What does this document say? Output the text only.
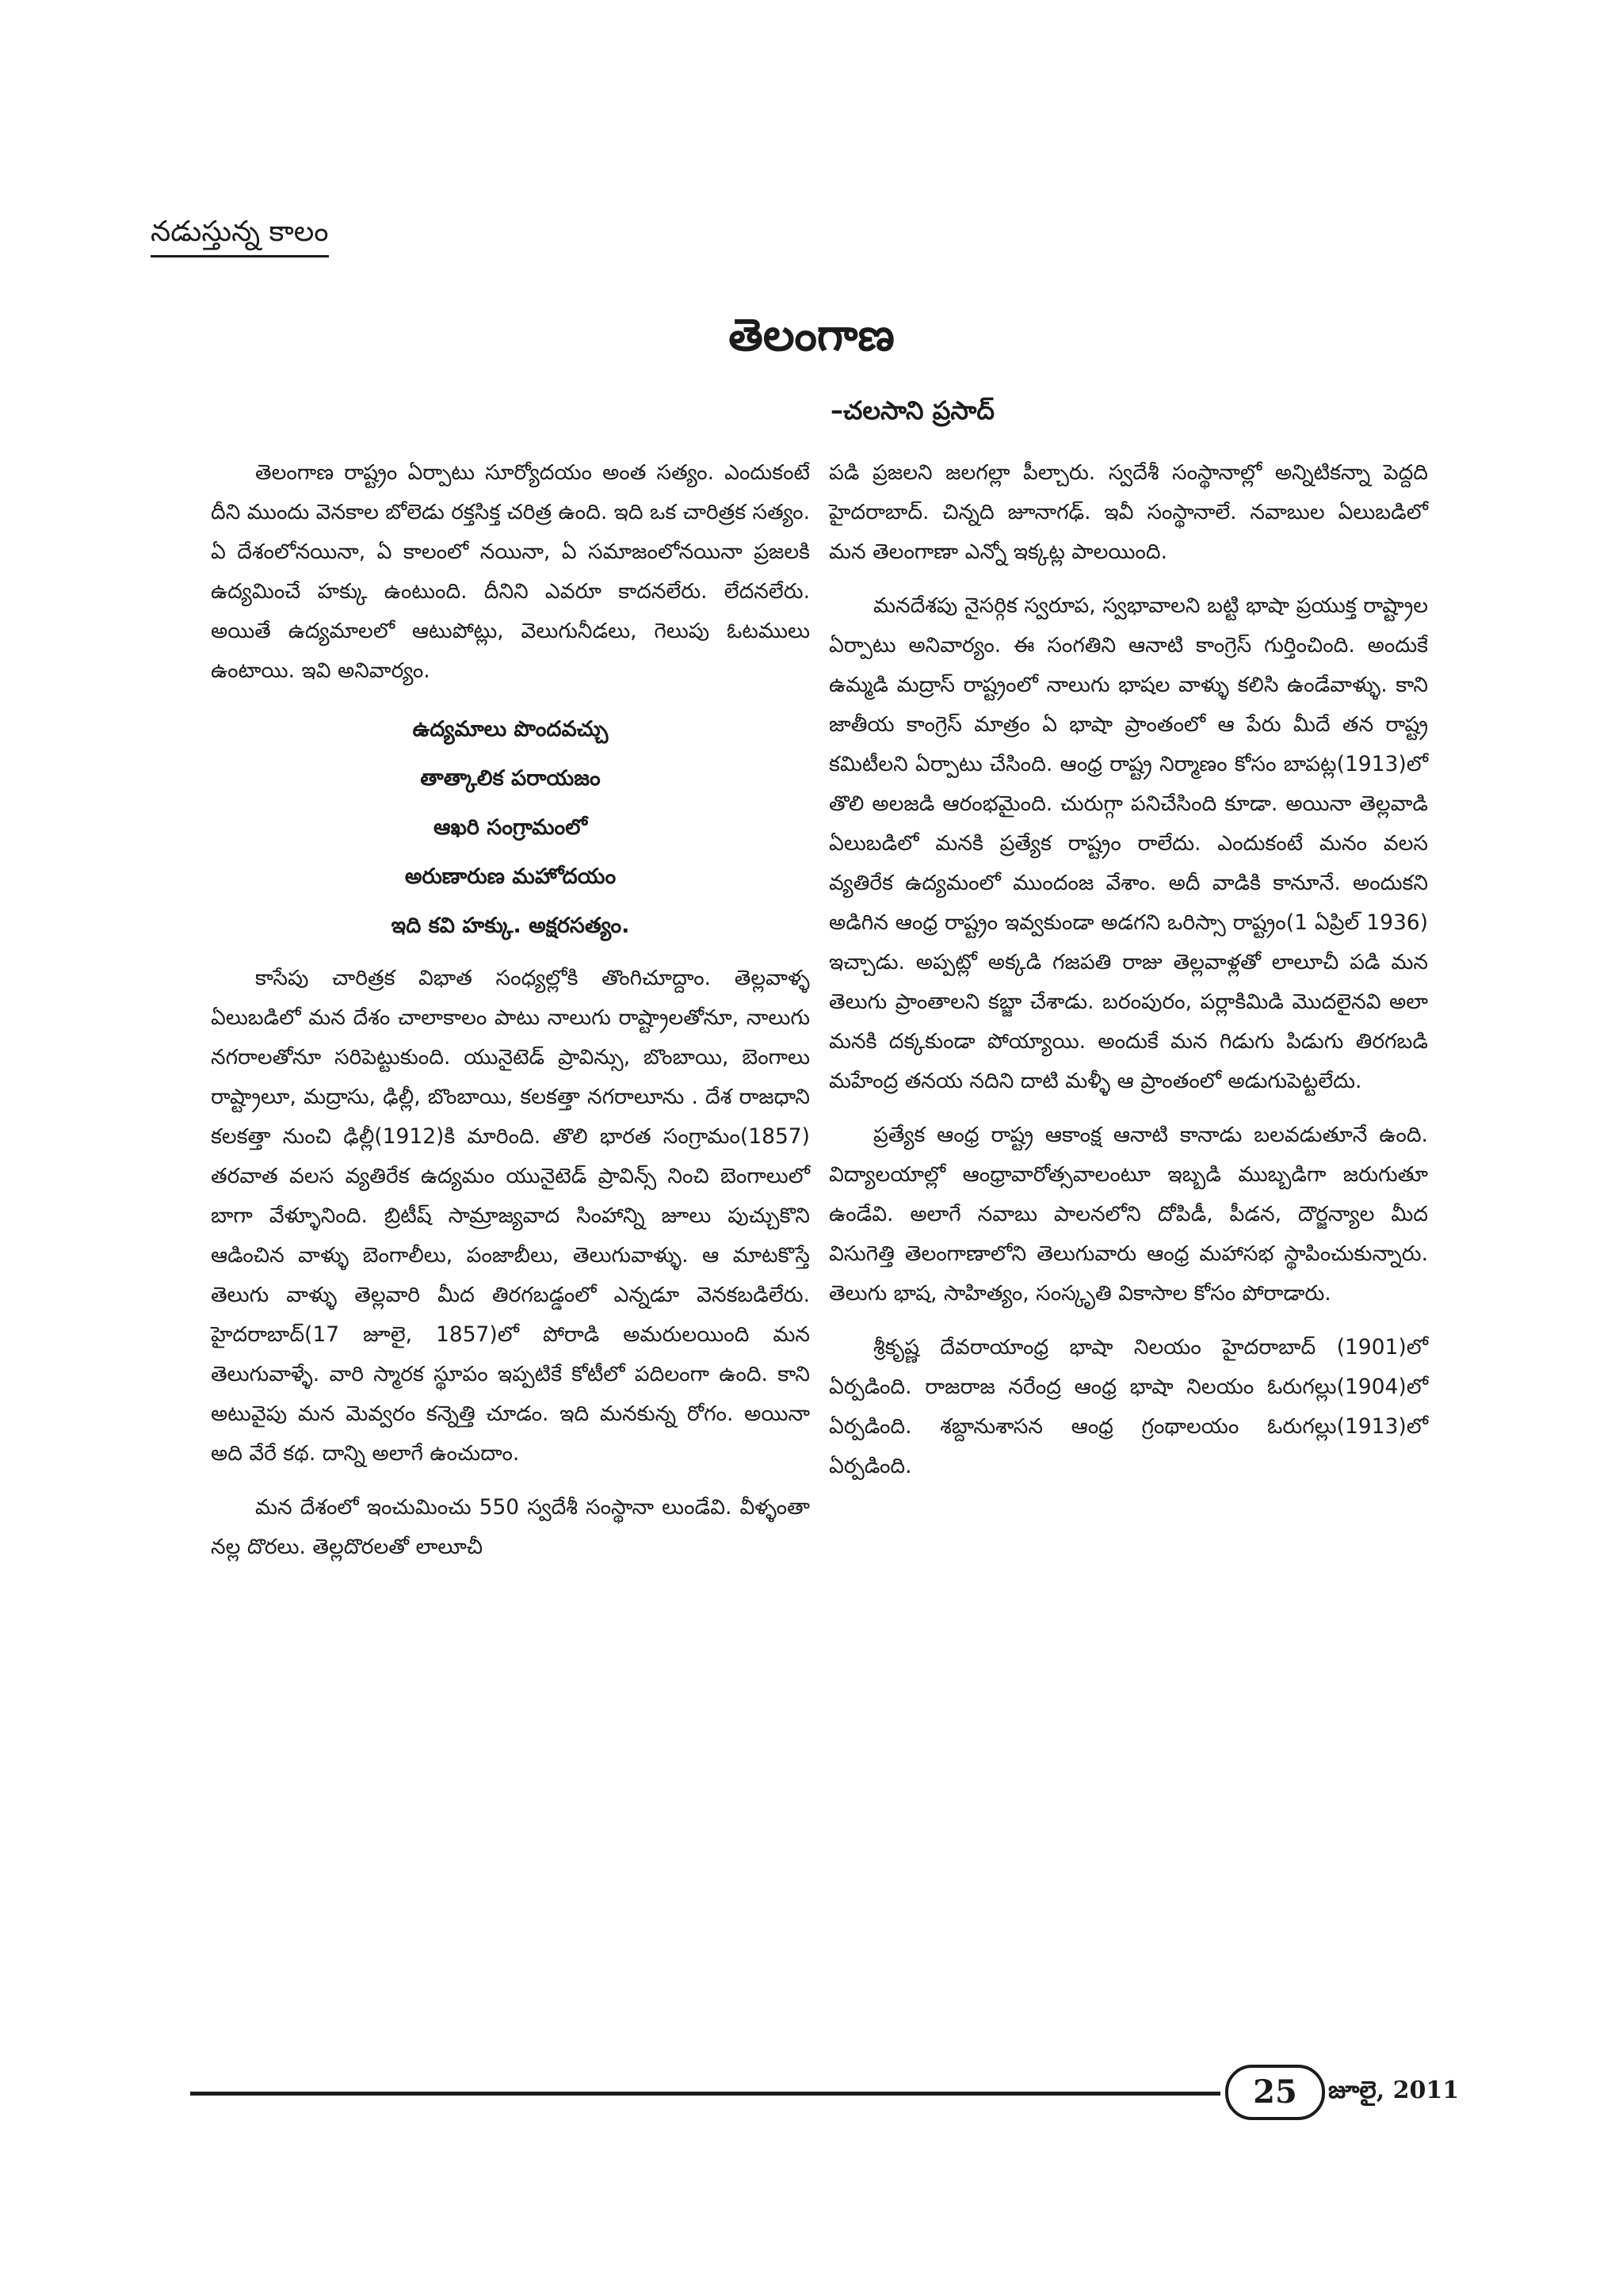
నడుస్తున్న కాలం
తెలంగాణ
–చలసాని ప్రసాద్

తెలంగాణ రాష్ట్రం ఏర్పాటు సూర్యోదయం అంత సత్యం. ఎందుకంటే దీని ముందు వెనకాల బోలెడు రక్తసిక్త చరిత్ర ఉంది. ఇది ఒక చారిత్రక సత్యం. ఏ దేశంలోనయినా, ఏ కాలంలో నయినా, ఏ సమాజంలోనయినా ప్రజలకి ఉద్యమించే హక్కు ఉంటుంది. దీనిని ఎవరూ కాదనలేరు. లేదనలేరు. అయితే ఉద్యమాలలో ఆటుపోట్లు, వెలుగునీడలు, గెలుపు ఓటములు ఉంటాయి. ఇవి అనివార్యం.

ఉద్యమాలు పొందవచ్చు
తాత్కాలిక పరాయజం
ఆఖరి సంగ్రామంలో
అరుణారుణ మహోదయం
ఇది కవి హక్కు. అక్షరసత్యం.

కాసేపు చారిత్రక విభాత సంధ్యల్లోకి తొంగిచూద్దాం. తెల్లవాళ్ళ ఏలుబడిలో మన దేశం చాలాకాలం పాటు నాలుగు రాష్ట్రాలతోనూ, నాలుగు నగరాలతోనూ సరిపెట్టుకుంది. యునైటెడ్ ప్రావిన్సు, బొంబాయి, బెంగాలు రాష్ట్రాలూ, మద్రాసు, ఢిల్లీ, బొంబాయి, కలకత్తా నగరాలూను . దేశ రాజధాని కలకత్తా నుంచి ఢిల్లీ(1912)కి మారింది. తొలి భారత సంగ్రామం(1857) తరవాత వలస వ్యతిరేక ఉద్యమం యునైటెడ్ ప్రావిన్స్ నించి బెంగాలులో బాగా వేళ్ళూనింది. బ్రిటీష్ సామ్రాజ్యవాద సింహాన్ని జూలు పుచ్చుకొని ఆడించిన వాళ్ళు బెంగాలీలు, పంజాబీలు, తెలుగువాళ్ళు. ఆ మాటకొస్తే తెలుగు వాళ్ళు తెల్లవారి మీద తిరగబడ్డంలో ఎన్నడూ వెనకబడిలేరు. హైదరాబాద్(17 జూలై, 1857)లో పోరాడి అమరులయింది మన తెలుగువాళ్ళే. వారి స్మారక స్థూపం ఇప్పటికే కోటీలో పదిలంగా ఉంది. కాని అటువైపు మన మెవ్వరం కన్నెత్తి చూడం. ఇది మనకున్న రోగం. అయినా అది వేరే కథ. దాన్ని అలాగే ఉంచుదాం.

మన దేశంలో ఇంచుమించు 550 స్వదేశీ సంస్థానా లుండేవి. వీళ్ళంతా నల్ల దొరలు. తెల్లదొరలతో లాలూచీ

పడి ప్రజలని జలగల్లా పీల్చారు. స్వదేశీ సంస్థానాల్లో అన్నిటికన్నా పెద్దది హైదరాబాద్. చిన్నది జూనాగఢ్. ఇవీ సంస్థానాలే. నవాబుల ఏలుబడిలో మన తెలంగాణా ఎన్నో ఇక్కట్ల పాలయింది.

మనదేశపు నైసర్గిక స్వరూప, స్వభావాలని బట్టి భాషా ప్రయుక్త రాష్ట్రాల ఏర్పాటు అనివార్యం. ఈ సంగతిని ఆనాటి కాంగ్రెస్ గుర్తించింది. అందుకే ఉమ్మడి మద్రాస్ రాష్ట్రంలో నాలుగు భాషల వాళ్ళు కలిసి ఉండేవాళ్ళు. కాని జాతీయ కాంగ్రెస్ మాత్రం ఏ భాషా ప్రాంతంలో ఆ పేరు మీదే తన రాష్ట్ర కమిటీలని ఏర్పాటు చేసింది. ఆంధ్ర రాష్ట్ర నిర్మాణం కోసం బాపట్ల(1913)లో తొలి అలజడి ఆరంభమైంది. చురుగ్గా పనిచేసింది కూడా. అయినా తెల్లవాడి ఏలుబడిలో మనకి ప్రత్యేక రాష్ట్రం రాలేదు. ఎందుకంటే మనం వలస వ్యతిరేక ఉద్యమంలో ముందంజ వేశాం. అదీ వాడికి కానూనే. అందుకని అడిగిన ఆంధ్ర రాష్ట్రం ఇవ్వకుండా అడగని ఒరిస్సా రాష్ట్రం(1 ఏప్రిల్ 1936) ఇచ్చాడు. అప్పట్లో అక్కడి గజపతి రాజు తెల్లవాళ్లతో లాలూచీ పడి మన తెలుగు ప్రాంతాలని కబ్జా చేశాడు. బరంపురం, పర్లాకిమిడి మొదలైనవి అలా మనకి దక్కకుండా పోయ్యాయి. అందుకే మన గిడుగు పిడుగు తిరగబడి మహేంద్ర తనయ నదిని దాటి మళ్ళీ ఆ ప్రాంతంలో అడుగుపెట్టలేదు.

ప్రత్యేక ఆంధ్ర రాష్ట్ర ఆకాంక్ష ఆనాటి కానాడు బలవడుతూనే ఉంది. విద్యాలయాల్లో ఆంధ్రావారోత్సవాలంటూ ఇబ్బడి ముబ్బడిగా జరుగుతూ ఉండేవి. అలాగే నవాబు పాలనలోని దోపిడీ, పీడన, దౌర్జన్యాల మీద విసుగెత్తి తెలంగాణాలోని తెలుగువారు ఆంధ్ర మహాసభ స్థాపించుకున్నారు. తెలుగు భాష, సాహిత్యం, సంస్కృతి వికాసాల కోసం పోరాడారు.

శ్రీకృష్ణ దేవరాయాంధ్ర భాషా నిలయం హైదరాబాద్ (1901)లో ఏర్పడింది. రాజరాజ నరేంద్ర ఆంధ్ర భాషా నిలయం ఓరుగల్లు(1904)లో ఏర్పడింది. శబ్దానుశాసన ఆంధ్ర గ్రంథాలయం ఓరుగల్లు(1913)లో ఏర్పడింది.

25	జూలై, 2011
